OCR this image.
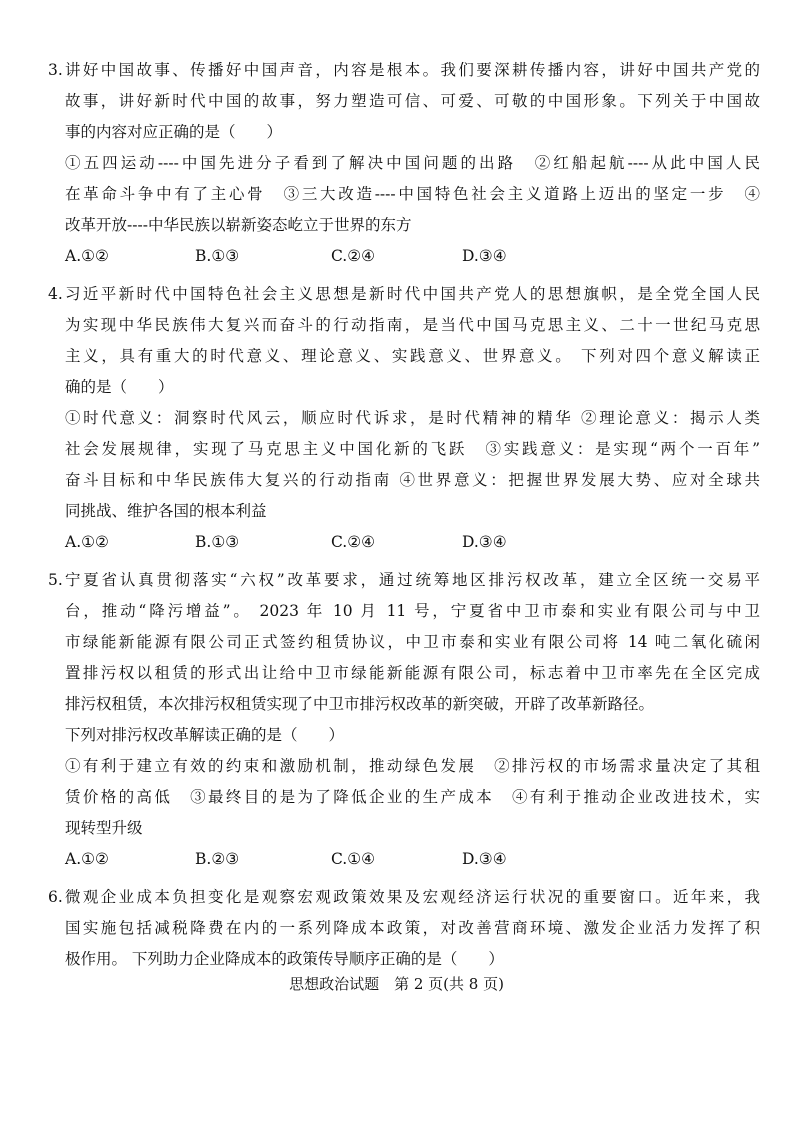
3. 讲好中国故事、传播好中国声音，内容是根本。我们要深耕传播内容，讲好中国共产党的
故事，讲好新时代中国的故事，努力塑造可信、可爱、可敬的中国形象。下列关于中国故
事的内容对应正确的是（　　）
①五四运动----中国先进分子看到了解决中国问题的出路　②红船起航----从此中国人民
在革命斗争中有了主心骨　③三大改造----中国特色社会主义道路上迈出的坚定一步　④
改革开放----中华民族以崭新姿态屹立于世界的东方
A.①②	B.①③	C.②④	D.③④
4. 习近平新时代中国特色社会主义思想是新时代中国共产党人的思想旗帜，是全党全国人民
为实现中华民族伟大复兴而奋斗的行动指南，是当代中国马克思主义、二十一世纪马克思
主义，具有重大的时代意义、理论意义、实践意义、世界意义。 下列对四个意义解读正
确的是（　　）
①时代意义：洞察时代风云，顺应时代诉求，是时代精神的精华 ②理论意义：揭示人类
社会发展规律，实现了马克思主义中国化新的飞跃　③实践意义：是实现“两个一百年”
奋斗目标和中华民族伟大复兴的行动指南 ④世界意义：把握世界发展大势、应对全球共
同挑战、维护各国的根本利益
A.①②	B.①③	C.②④	D.③④
5. 宁夏省认真贯彻落实“六权”改革要求，通过统筹地区排污权改革，建立全区统一交易平
台，推动“降污增益”。 2023 年 10 月 11 号，宁夏省中卫市泰和实业有限公司与中卫
市绿能新能源有限公司正式签约租赁协议，中卫市泰和实业有限公司将 14 吨二氧化硫闲
置排污权以租赁的形式出让给中卫市绿能新能源有限公司，标志着中卫市率先在全区完成
排污权租赁，本次排污权租赁实现了中卫市排污权改革的新突破，开辟了改革新路径。
下列对排污权改革解读正确的是（　　）
①有利于建立有效的约束和激励机制，推动绿色发展　②排污权的市场需求量决定了其租
赁价格的高低　③最终目的是为了降低企业的生产成本　④有利于推动企业改进技术，实
现转型升级
A.①②	B.②③	C.①④	D.③④
6. 微观企业成本负担变化是观察宏观政策效果及宏观经济运行状况的重要窗口。近年来，我
国实施包括减税降费在内的一系列降成本政策，对改善营商环境、激发企业活力发挥了积
极作用。 下列助力企业降成本的政策传导顺序正确的是（　　）
思想政治试题　第 2 页(共 8 页)
